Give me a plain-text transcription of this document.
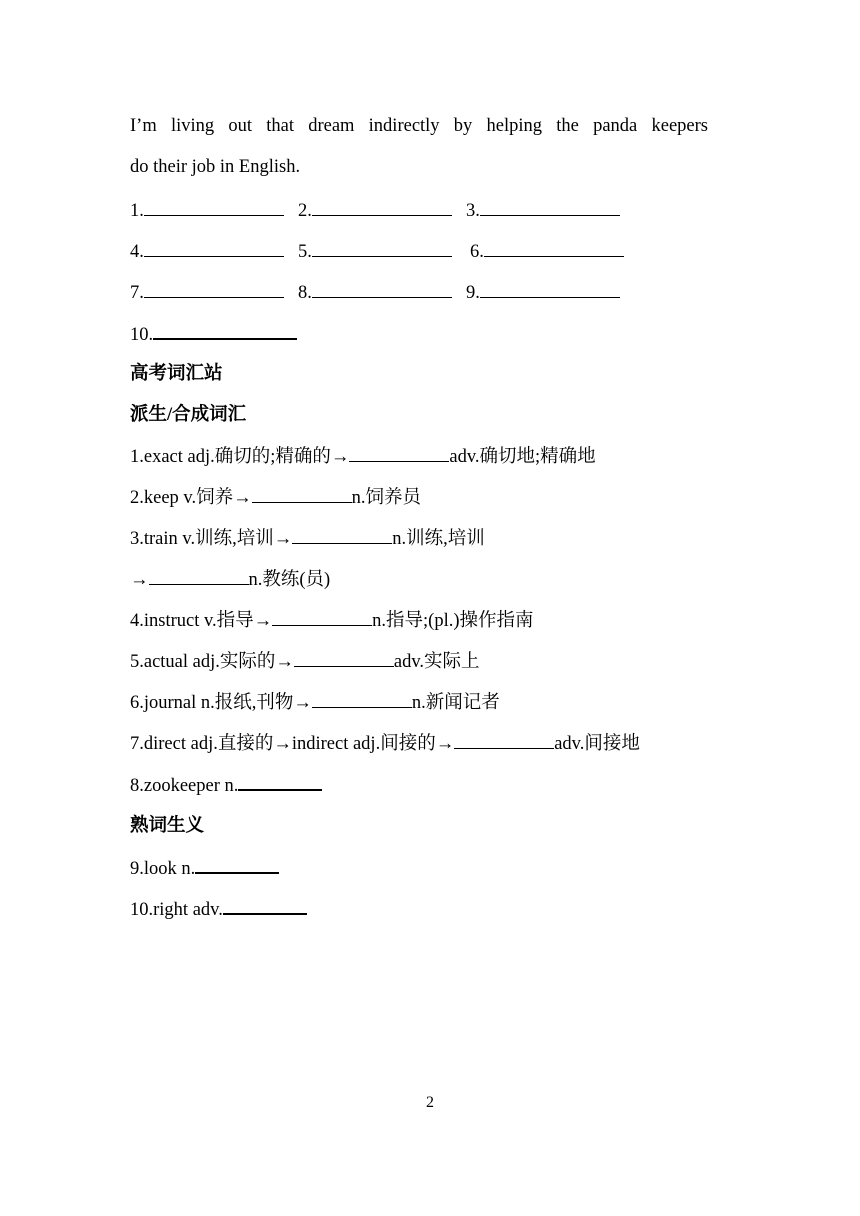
I’m living out that dream indirectly by helping the panda keepers
do their job in English.
1.	2.	3.
4.	5.	6.
7.	8.	9.
10.
高考词汇站
派生/合成词汇
1.exact adj.确切的;精确的→	adv.确切地;精确地
2.keep v.饲养→	n.饲养员
3.train v.训练,培训→	n.训练,培训
→	n.教练(员)
4.instruct v.指导→	n.指导;(pl.)操作指南
5.actual adj.实际的→	adv.实际上
6.journal n.报纸,刊物→	n.新闻记者
7.direct adj.直接的→indirect adj.间接的→	adv.间接地
8.zookeeper n.
熟词生义
9.look n.
10.right adv.
2
